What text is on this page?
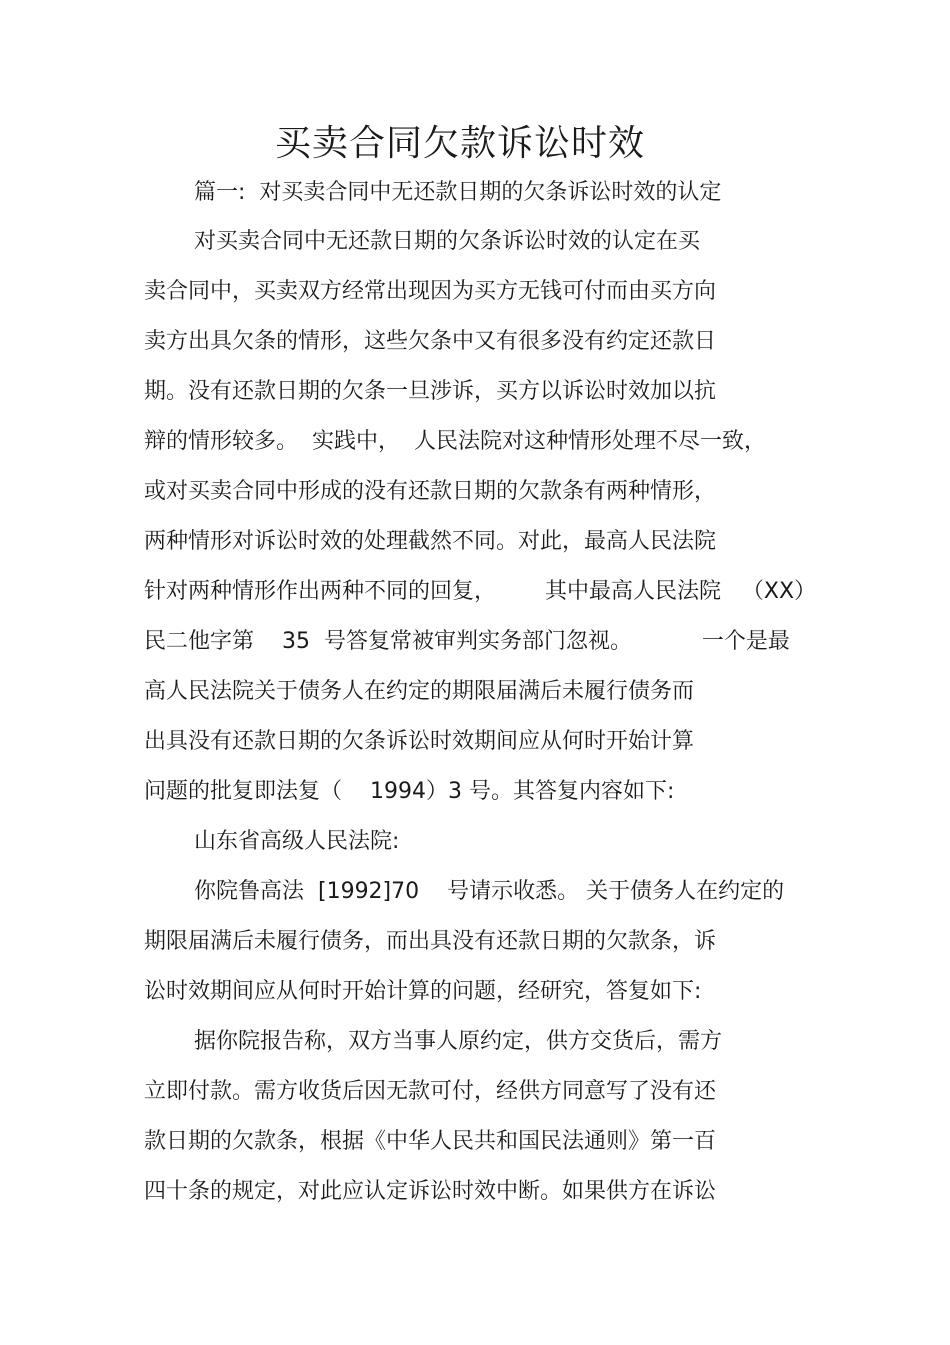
买卖合同欠款诉讼时效
篇一:  对买卖合同中无还款日期的欠条诉讼时效的认定
对买卖合同中无还款日期的欠条诉讼时效的认定在买
卖合同中，买卖双方经常出现因为买方无钱可付而由买方向
卖方出具欠条的情形，这些欠条中又有很多没有约定还款日
期。没有还款日期的欠条一旦涉诉，买方以诉讼时效加以抗
辩的情形较多。  实践中，  人民法院对这种情形处理不尽一致，
或对买卖合同中形成的没有还款日期的欠款条有两种情形，
两种情形对诉讼时效的处理截然不同。对此，最高人民法院
针对两种情形作出两种不同的回复，       其中最高人民法院   （XX）
民二他字第    35  号答复常被审判实务部门忽视。          一个是最
高人民法院关于债务人在约定的期限届满后未履行债务而
出具没有还款日期的欠条诉讼时效期间应从何时开始计算
问题的批复即法复（    1994）3 号。其答复内容如下:
山东省高级人民法院:
你院鲁高法  [1992]70    号请示收悉。 关于债务人在约定的
期限届满后未履行债务，而出具没有还款日期的欠款条，诉
讼时效期间应从何时开始计算的问题，经研究，答复如下:
据你院报告称，双方当事人原约定，供方交货后，需方
立即付款。需方收货后因无款可付，经供方同意写了没有还
款日期的欠款条，根据《中华人民共和国民法通则》第一百
四十条的规定，对此应认定诉讼时效中断。如果供方在诉讼
